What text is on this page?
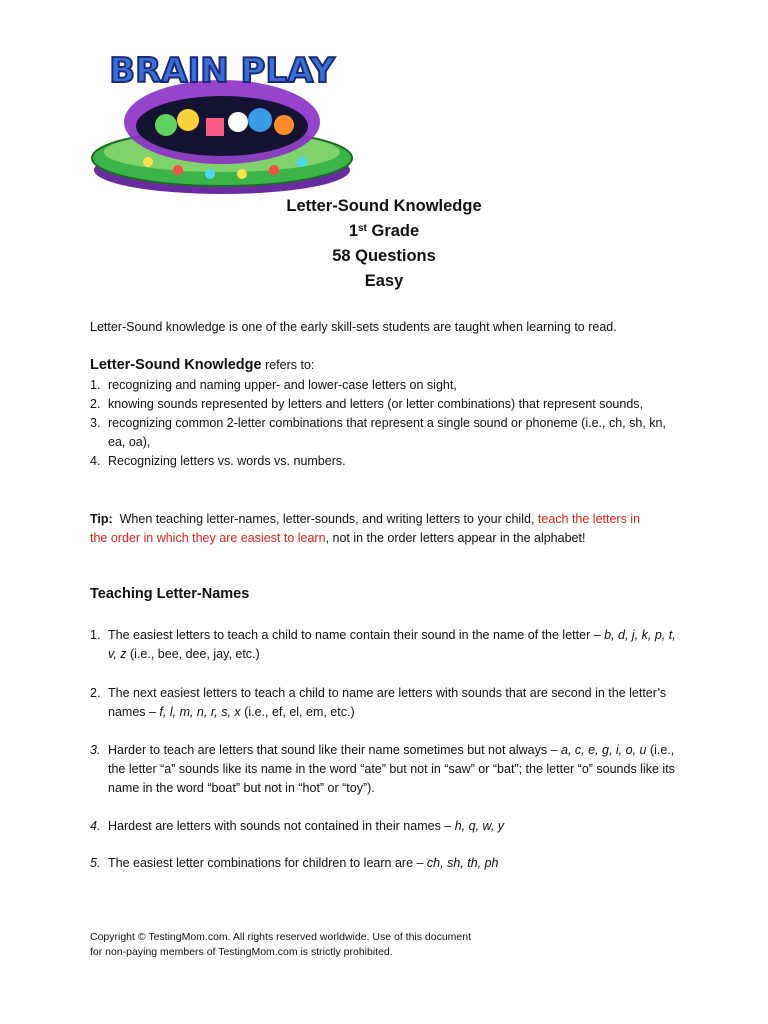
BRAIN PLAY
Letter-Sound Knowledge
1st Grade
58 Questions
Easy
Letter-Sound knowledge is one of the early skill-sets students are taught when learning to read.
Letter-Sound Knowledge refers to:
1. recognizing and naming upper- and lower-case letters on sight,
2. knowing sounds represented by letters and letters (or letter combinations) that represent sounds,
3. recognizing common 2-letter combinations that represent a single sound or phoneme (i.e., ch, sh, kn, ea, oa),
4. Recognizing letters vs. words vs. numbers.
Tip:  When teaching letter-names, letter-sounds, and writing letters to your child, teach the letters in the order in which they are easiest to learn, not in the order letters appear in the alphabet!
Teaching Letter-Names
1. The easiest letters to teach a child to name contain their sound in the name of the letter – b, d, j, k, p, t, v, z (i.e., bee, dee, jay, etc.)
2. The next easiest letters to teach a child to name are letters with sounds that are second in the letter’s names – f, l, m, n, r, s, x (i.e., ef, el, em, etc.)
3. Harder to teach are letters that sound like their name sometimes but not always – a, c, e, g, i, o, u (i.e., the letter “a” sounds like its name in the word “ate” but not in “saw” or “bat”; the letter “o” sounds like its name in the word “boat” but not in “hot” or “toy”).
4. Hardest are letters with sounds not contained in their names – h, q, w, y
5. The easiest letter combinations for children to learn are – ch, sh, th, ph
Copyright © TestingMom.com. All rights reserved worldwide. Use of this document
for non-paying members of TestingMom.com is strictly prohibited.
